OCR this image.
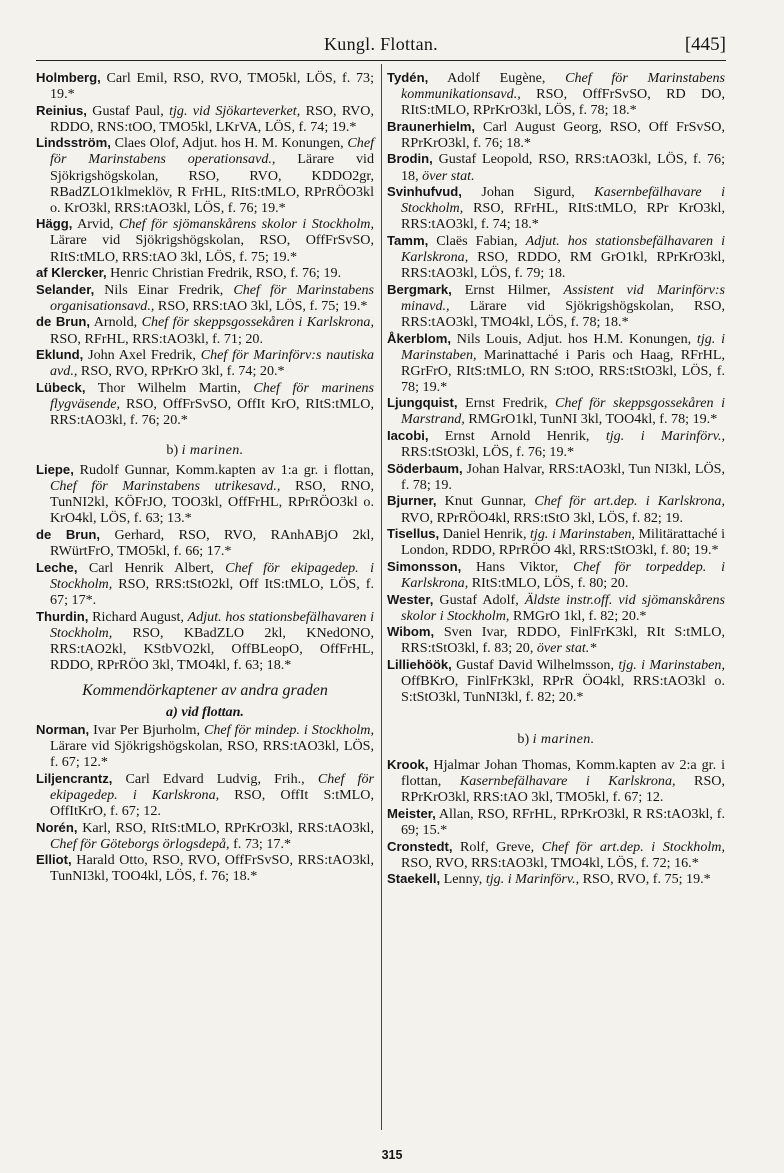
Kungl. Flottan.	[445]
Holmberg, Carl Emil, RSO, RVO, TMO5kl, LÖS, f. 73; 19.*
Reinius, Gustaf Paul, tjg. vid Sjökarteverket, RSO, RVO, RDDO, RNS:tOO, TMO5kl, LKrVA, LÖS, f. 74; 19.*
Lindsström, Claes Olof, Adjut. hos H. M. Konungen, Chef för Marinstabens operationsavd., Lärare vid Sjökrigshögskolan, RSO, RVO, KDDO2gr, RBadZLO1klmeklöv, R FrHL, RItS:tMLO, RPrRÖO3kl o. KrO3kl, RRS:tAO3kl, LÖS, f. 76; 19.*
Hägg, Arvid, Chef för sjömanskårens skolor i Stockholm, Lärare vid Sjökrigshögskolan, RSO, OffFrSvSO, RItS:tMLO, RRS:tAO 3kl, LÖS, f. 75; 19.*
af Klercker, Henric Christian Fredrik, RSO, f. 76; 19.
Selander, Nils Einar Fredrik, Chef för Marinstabens organisationsavd., RSO, RRS:tAO 3kl, LÖS, f. 75; 19.*
de Brun, Arnold, Chef för skeppsgossekåren i Karlskrona, RSO, RFrHL, RRS:tAO3kl, f. 71; 20.
Eklund, John Axel Fredrik, Chef för Marinförv:s nautiska avd., RSO, RVO, RPrKrO 3kl, f. 74; 20.*
Lübeck, Thor Wilhelm Martin, Chef för marinens flygväsende, RSO, OffFrSvSO, OffIt KrO, RItS:tMLO, RRS:tAO3kl, f. 76; 20.*
b) i marinen.
Liepe, Rudolf Gunnar, Komm.kapten av 1:a gr. i flottan, Chef för Marinstabens utrikesavd., RSO, RNO, TunNI2kl, KÖFrJO, TOO3kl, OffFrHL, RPrRÖO3kl o. KrO4kl, LÖS, f. 63; 13.*
de Brun, Gerhard, RSO, RVO, RAnhABjO 2kl, RWürtFrO, TMO5kl, f. 66; 17.*
Leche, Carl Henrik Albert, Chef för ekipagedep. i Stockholm, RSO, RRS:tStO2kl, Off ItS:tMLO, LÖS, f. 67; 17*.
Thurdin, Richard August, Adjut. hos stationsbefälhavaren i Stockholm, RSO, KBadZLO 2kl, KNedONO, RRS:tAO2kl, KStbVO2kl, OffBLeopO, OffFrHL, RDDO, RPrRÖO 3kl, TMO4kl, f. 63; 18.*
Kommendörkaptener av andra graden
a) vid flottan.
Norman, Ivar Per Bjurholm, Chef för mindep. i Stockholm, Lärare vid Sjökrigshögskolan, RSO, RRS:tAO3kl, LÖS, f. 67; 12.*
Liljencrantz, Carl Edvard Ludvig, Frih., Chef för ekipagedep. i Karlskrona, RSO, OffIt S:tMLO, OffItKrO, f. 67; 12.
Norén, Karl, RSO, RItS:tMLO, RPrKrO3kl, RRS:tAO3kl, Chef för Göteborgs örlogsdepå, f. 73; 17.*
Elliot, Harald Otto, RSO, RVO, OffFrSvSO, RRS:tAO3kl, TunNI3kl, TOO4kl, LÖS, f. 76; 18.*
Tydén, Adolf Eugène, Chef för Marinstabens kommunikationsavd., RSO, OffFrSvSO, RD DO, RItS:tMLO, RPrKrO3kl, LÖS, f. 78; 18.*
Braunerhielm, Carl August Georg, RSO, Off FrSvSO, RPrKrO3kl, f. 76; 18.*
Brodin, Gustaf Leopold, RSO, RRS:tAO3kl, LÖS, f. 76; 18, över stat.
Svinhufvud, Johan Sigurd, Kasernbefälhavare i Stockholm, RSO, RFrHL, RItS:tMLO, RPr KrO3kl, RRS:tAO3kl, f. 74; 18.*
Tamm, Claës Fabian, Adjut. hos stationsbefälhavaren i Karlskrona, RSO, RDDO, RM GrO1kl, RPrKrO3kl, RRS:tAO3kl, LÖS, f. 79; 18.
Bergmark, Ernst Hilmer, Assistent vid Marinförv:s minavd., Lärare vid Sjökrigshögskolan, RSO, RRS:tAO3kl, TMO4kl, LÖS, f. 78; 18.*
Åkerblom, Nils Louis, Adjut. hos H.M. Konungen, tjg. i Marinstaben, Marinattaché i Paris och Haag, RFrHL, RGrFrO, RItS:tMLO, RN S:tOO, RRS:tStO3kl, LÖS, f. 78; 19.*
Ljungquist, Ernst Fredrik, Chef för skeppsgossekåren i Marstrand, RMGrO1kl, TunNI 3kl, TOO4kl, f. 78; 19.*
Iacobi, Ernst Arnold Henrik, tjg. i Marinförv., RRS:tStO3kl, LÖS, f. 76; 19.*
Söderbaum, Johan Halvar, RRS:tAO3kl, Tun NI3kl, LÖS, f. 78; 19.
Bjurner, Knut Gunnar, Chef för art.dep. i Karlskrona, RVO, RPrRÖO4kl, RRS:tStO 3kl, LÖS, f. 82; 19.
Tisellus, Daniel Henrik, tjg. i Marinstaben, Militärattaché i London, RDDO, RPrRÖO 4kl, RRS:tStO3kl, f. 80; 19.*
Simonsson, Hans Viktor, Chef för torpeddep. i Karlskrona, RItS:tMLO, LÖS, f. 80; 20.
Wester, Gustaf Adolf, Äldste instr.off. vid sjömanskårens skolor i Stockholm, RMGrO 1kl, f. 82; 20.*
Wibom, Sven Ivar, RDDO, FinlFrK3kl, RIt S:tMLO, RRS:tStO3kl, f. 83; 20, över stat.*
Lilliehöök, Gustaf David Wilhelmsson, tjg. i Marinstaben, OffBKrO, FinlFrK3kl, RPrR ÖO4kl, RRS:tAO3kl o. S:tStO3kl, TunNI3kl, f. 82; 20.*
b) i marinen.
Krook, Hjalmar Johan Thomas, Komm.kapten av 2:a gr. i flottan, Kasernbefälhavare i Karlskrona, RSO, RPrKrO3kl, RRS:tAO 3kl, TMO5kl, f. 67; 12.
Meister, Allan, RSO, RFrHL, RPrKrO3kl, R RS:tAO3kl, f. 69; 15.*
Cronstedt, Rolf, Greve, Chef för art.dep. i Stockholm, RSO, RVO, RRS:tAO3kl, TMO4kl, LÖS, f. 72; 16.*
Staekell, Lenny, tjg. i Marinförv., RSO, RVO, f. 75; 19.*
315
